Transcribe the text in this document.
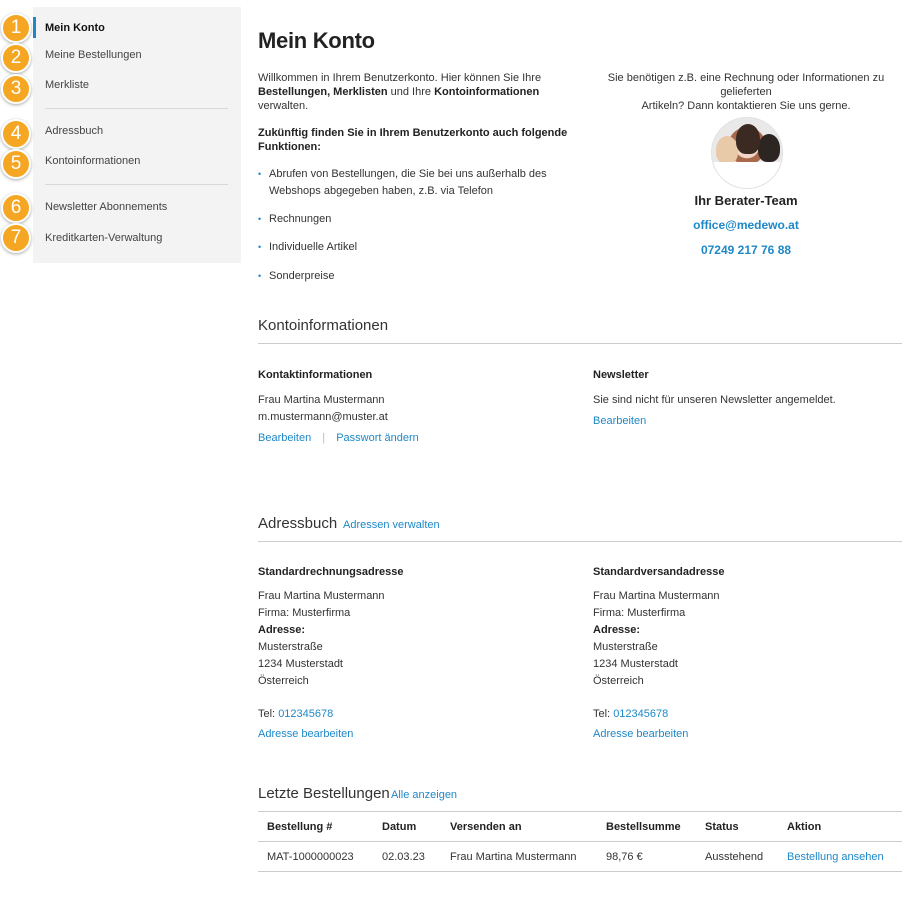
Mein Konto
Meine Bestellungen
Merkliste
Adressbuch
Kontoinformationen
Newsletter Abonnements
Kreditkarten-Verwaltung
1
2
3
4
5
6
7
Mein Konto
Willkommen in Ihrem Benutzerkonto. Hier können Sie Ihre
Bestellungen, Merklisten und Ihre Kontoinformationen
verwalten.
Zukünftig finden Sie in Ihrem Benutzerkonto auch folgende
Funktionen:
• Abrufen von Bestellungen, die Sie bei uns außerhalb des
Webshops abgegeben haben, z.B. via Telefon
• Rechnungen
• Individuelle Artikel
• Sonderpreise
Sie benötigen z.B. eine Rechnung oder Informationen zu gelieferten
Artikeln? Dann kontaktieren Sie uns gerne.
Ihr Berater-Team
office@medewo.at
07249 217 76 88
Kontoinformationen
Kontaktinformationen
Frau Martina Mustermann
m.mustermann@muster.at
Bearbeiten | Passwort ändern
Newsletter
Sie sind nicht für unseren Newsletter angemeldet.
Bearbeiten
Adressbuch Adressen verwalten
Standardrechnungsadresse
Frau Martina Mustermann
Firma: Musterfirma
Adresse:
Musterstraße
1234 Musterstadt
Österreich
Tel: 012345678
Adresse bearbeiten
Standardversandadresse
Frau Martina Mustermann
Firma: Musterfirma
Adresse:
Musterstraße
1234 Musterstadt
Österreich
Tel: 012345678
Adresse bearbeiten
Letzte Bestellungen Alle anzeigen
Bestellung #	Datum	Versenden an	Bestellsumme	Status	Aktion
MAT-1000000023	02.03.23	Frau Martina Mustermann	98,76 €	Ausstehend	Bestellung ansehen
